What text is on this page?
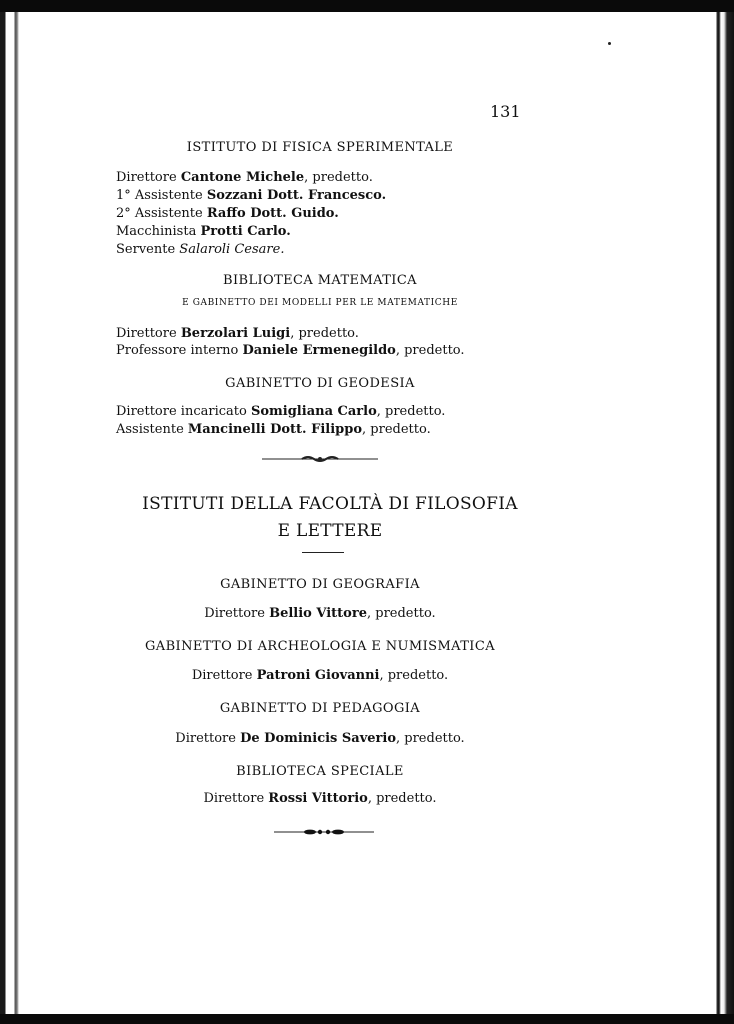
131
ISTITUTO DI FISICA SPERIMENTALE
Direttore Cantone Michele, predetto.
1° Assistente Sozzani Dott. Francesco.
2° Assistente Raffo Dott. Guido.
Macchinista Protti Carlo.
Servente Salaroli Cesare.
BIBLIOTECA MATEMATICA
E GABINETTO DEI MODELLI PER LE MATEMATICHE
Direttore Berzolari Luigi, predetto.
Professore interno Daniele Ermenegildo, predetto.
GABINETTO DI GEODESIA
Direttore incaricato Somigliana Carlo, predetto.
Assistente Mancinelli Dott. Filippo, predetto.
ISTITUTI DELLA FACOLTÀ DI FILOSOFIA
E LETTERE
GABINETTO DI GEOGRAFIA
Direttore Bellio Vittore, predetto.
GABINETTO DI ARCHEOLOGIA E NUMISMATICA
Direttore Patroni Giovanni, predetto.
GABINETTO DI PEDAGOGIA
Direttore De Dominicis Saverio, predetto.
BIBLIOTECA SPECIALE
Direttore Rossi Vittorio, predetto.
